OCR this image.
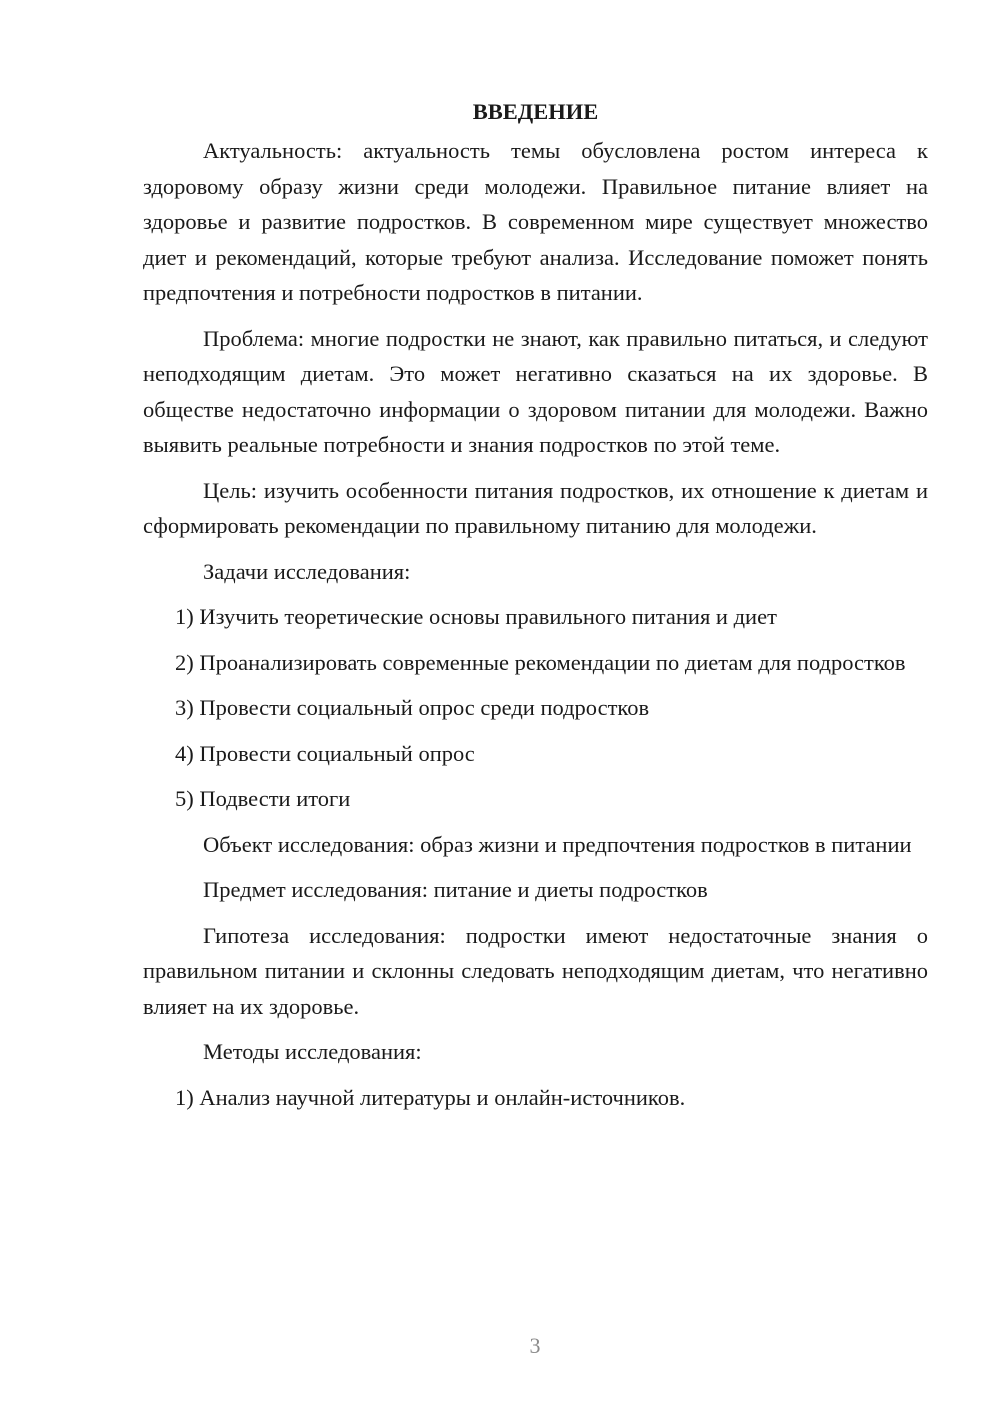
ВВЕДЕНИЕ

Актуальность: актуальность темы обусловлена ростом интереса к здоровому образу жизни среди молодежи. Правильное питание влияет на здоровье и развитие подростков. В современном мире существует множество диет и рекомендаций, которые требуют анализа. Исследование поможет понять предпочтения и потребности подростков в питании.

Проблема: многие подростки не знают, как правильно питаться, и следуют неподходящим диетам. Это может негативно сказаться на их здоровье. В обществе недостаточно информации о здоровом питании для молодежи. Важно выявить реальные потребности и знания подростков по этой теме.

Цель: изучить особенности питания подростков, их отношение к диетам и сформировать рекомендации по правильному питанию для молодежи.

Задачи исследования:

1) Изучить теоретические основы правильного питания и диет

2) Проанализировать современные рекомендации по диетам для подростков

3) Провести социальный опрос среди подростков

4) Провести социальный опрос

5) Подвести итоги

Объект исследования: образ жизни и предпочтения подростков в питании

Предмет исследования: питание и диеты подростков

Гипотеза исследования: подростки имеют недостаточные знания о правильном питании и склонны следовать неподходящим диетам, что негативно влияет на их здоровье.

Методы исследования:

1) Анализ научной литературы и онлайн-источников.

3
